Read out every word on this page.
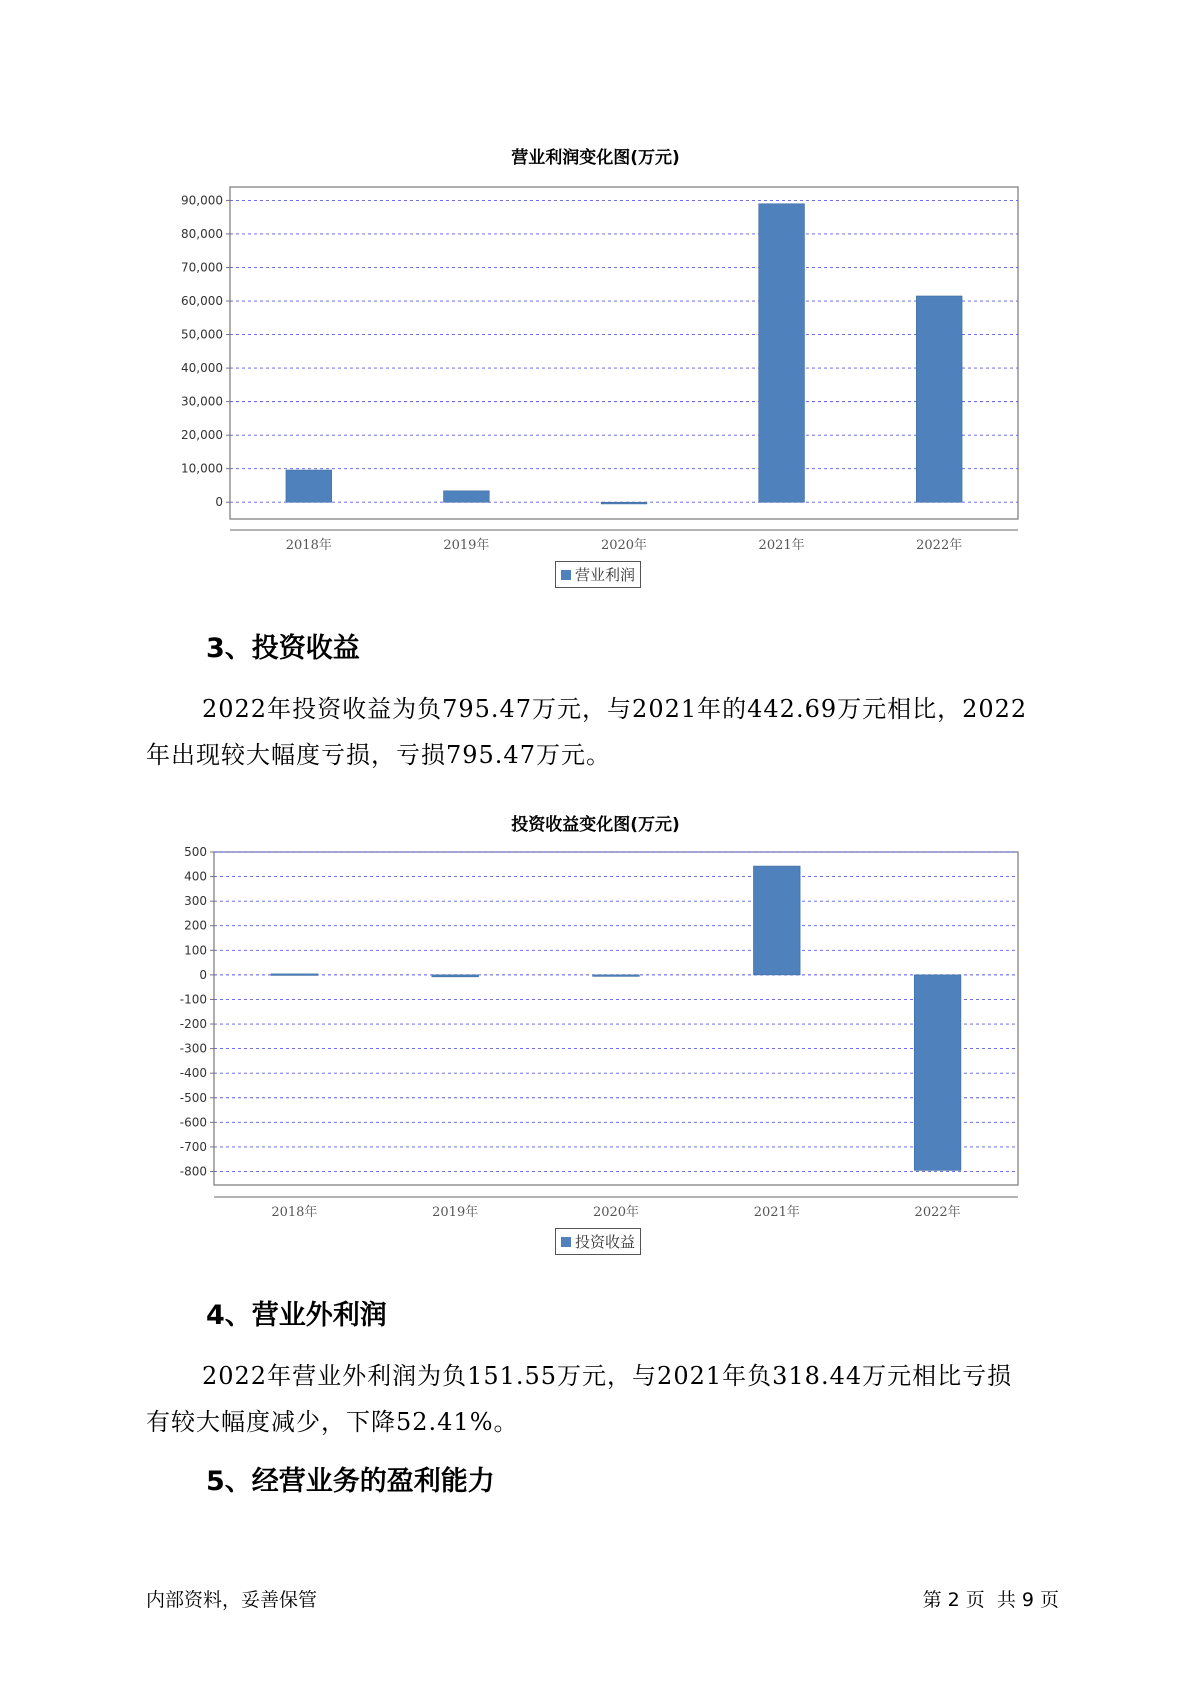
营业利润变化图(万元)
0
10,000
20,000
30,000
40,000
50,000
60,000
70,000
80,000
90,000
2018年	2019年	2020年	2021年	2022年
营业利润
3、投资收益
2022年投资收益为负795.47万元，与2021年的442.69万元相比，2022
年出现较大幅度亏损，亏损795.47万元。
投资收益变化图(万元)
500
400
300
200
100
0
-100
-200
-300
-400
-500
-600
-700
-800
2018年	2019年	2020年	2021年	2022年
投资收益
4、营业外利润
2022年营业外利润为负151.55万元，与2021年负318.44万元相比亏损
有较大幅度减少，下降52.41%。
5、经营业务的盈利能力
内部资料，妥善保管	第 2 页  共 9 页
